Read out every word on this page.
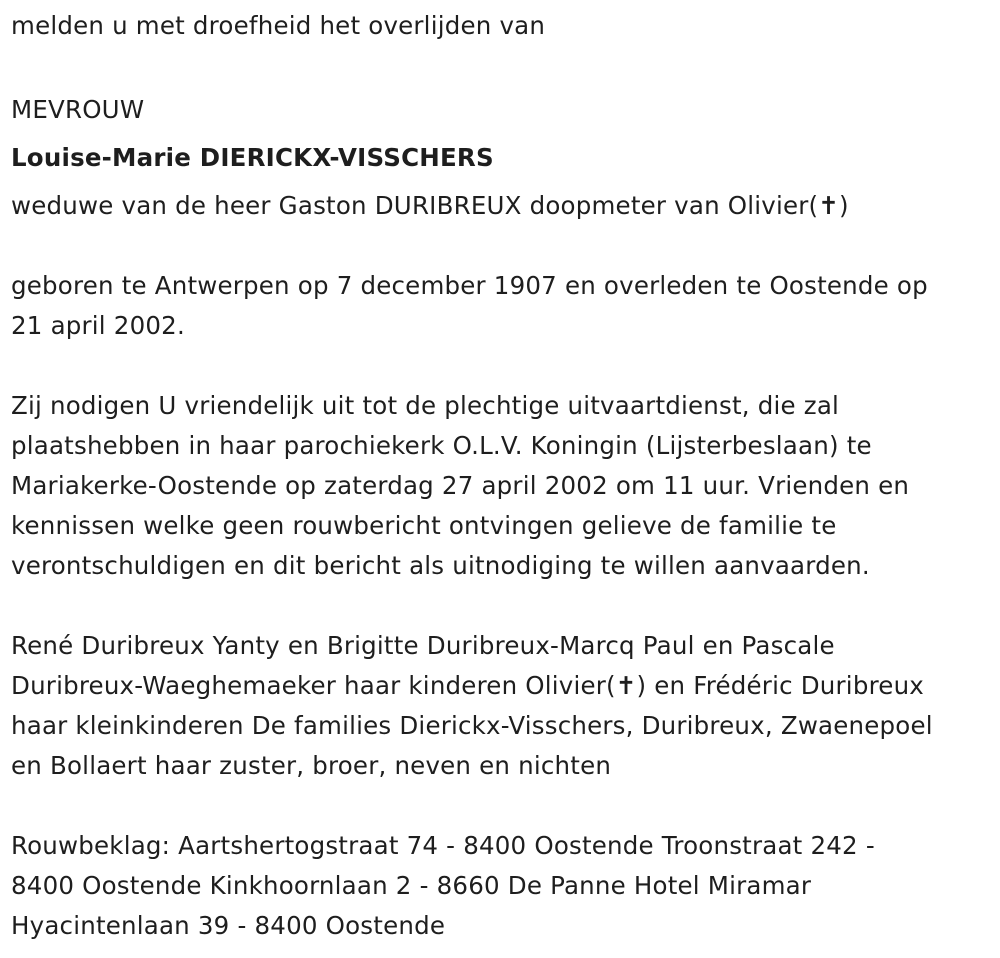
melden u met droefheid het overlijden van

MEVROUW

Louise-Marie DIERICKX-VISSCHERS

weduwe van de heer Gaston DURIBREUX doopmeter van Olivier(✝)

geboren te Antwerpen op 7 december 1907 en overleden te Oostende op

21 april 2002.

Zij nodigen U vriendelijk uit tot de plechtige uitvaartdienst, die zal

plaatshebben in haar parochiekerk O.L.V. Koningin (Lijsterbeslaan) te

Mariakerke-Oostende op zaterdag 27 april 2002 om 11 uur. Vrienden en

kennissen welke geen rouwbericht ontvingen gelieve de familie te

verontschuldigen en dit bericht als uitnodiging te willen aanvaarden.

René Duribreux Yanty en Brigitte Duribreux-Marcq Paul en Pascale

Duribreux-Waeghemaeker haar kinderen Olivier(✝) en Frédéric Duribreux

haar kleinkinderen De families Dierickx-Visschers, Duribreux, Zwaenepoel

en Bollaert haar zuster, broer, neven en nichten

Rouwbeklag: Aartshertogstraat 74 - 8400 Oostende Troonstraat 242 -

8400 Oostende Kinkhoornlaan 2 - 8660 De Panne Hotel Miramar

Hyacintenlaan 39 - 8400 Oostende
